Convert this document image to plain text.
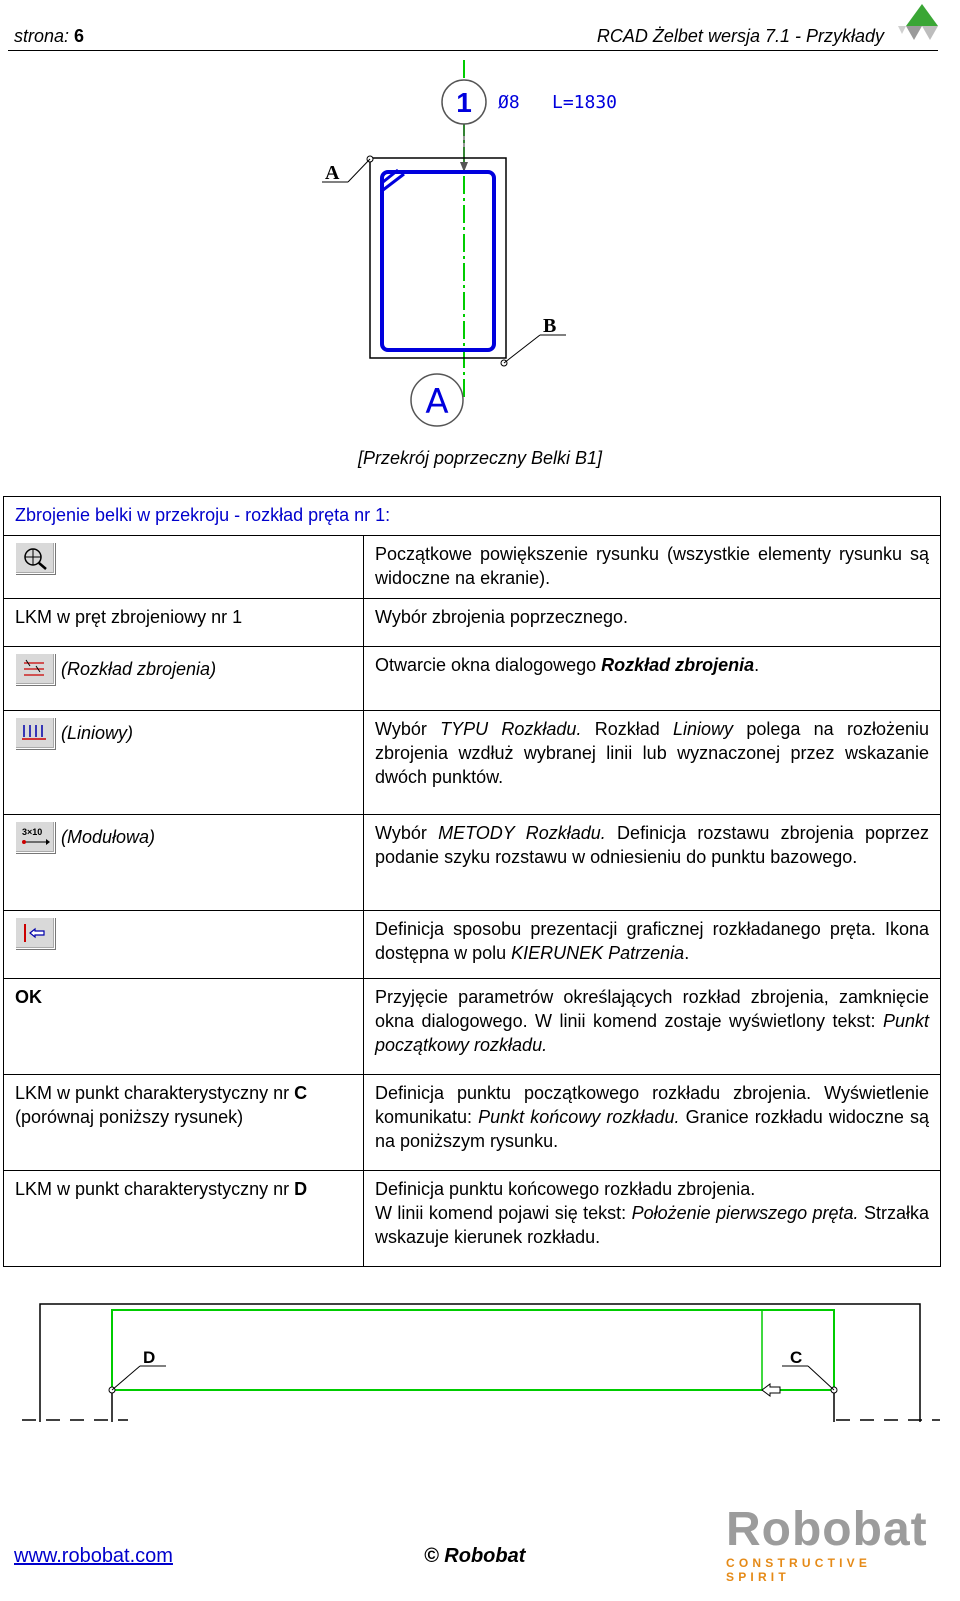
strona: 6	RCAD Żelbet wersja 7.1 - Przykłady
1 Ø8 L=1830
A
B
A
[Przekrój poprzeczny Belki B1]
Zbrojenie belki w przekroju - rozkład pręta nr 1:	

	Początkowe powiększenie rysunku (wszystkie elementy rysunku są widoczne na ekranie).
LKM w pręt zbrojeniowy nr 1	Wybór zbrojenia poprzecznego.

(Rozkład zbrojenia)	Otwarcie okna dialogowego Rozkład zbrojenia.

(Liniowy)	Wybór TYPU Rozkładu. Rozkład Liniowy polega na rozłożeniu zbrojenia wzdłuż wybranej linii lub wyznaczonej przez wskazanie dwóch punktów.

3×10 (Modułowa)	Wybór METODY Rozkładu. Definicja rozstawu zbrojenia poprzez podanie szyku rozstawu w odniesieniu do punktu bazowego.

	Definicja sposobu prezentacji graficznej rozkładanego pręta. Ikona dostępna w polu KIERUNEK Patrzenia.
OK	Przyjęcie parametrów określających rozkład zbrojenia, zamknięcie okna dialogowego. W linii komend zostaje wyświetlony tekst: Punkt początkowy rozkładu.
LKM w punkt charakterystyczny nr C
(porównaj poniższy rysunek)	Definicja punktu początkowego rozkładu zbrojenia. Wyświetlenie komunikatu: Punkt końcowy rozkładu. Granice rozkładu widoczne są na poniższym rysunku.
LKM w punkt charakterystyczny nr D	Definicja punktu końcowego rozkładu zbrojenia.
W linii komend pojawi się tekst: Położenie pierwszego pręta. Strzałka wskazuje kierunek rozkładu.
D	C
www.robobat.com	© Robobat	Robobat
CONSTRUCTIVE SPIRIT
